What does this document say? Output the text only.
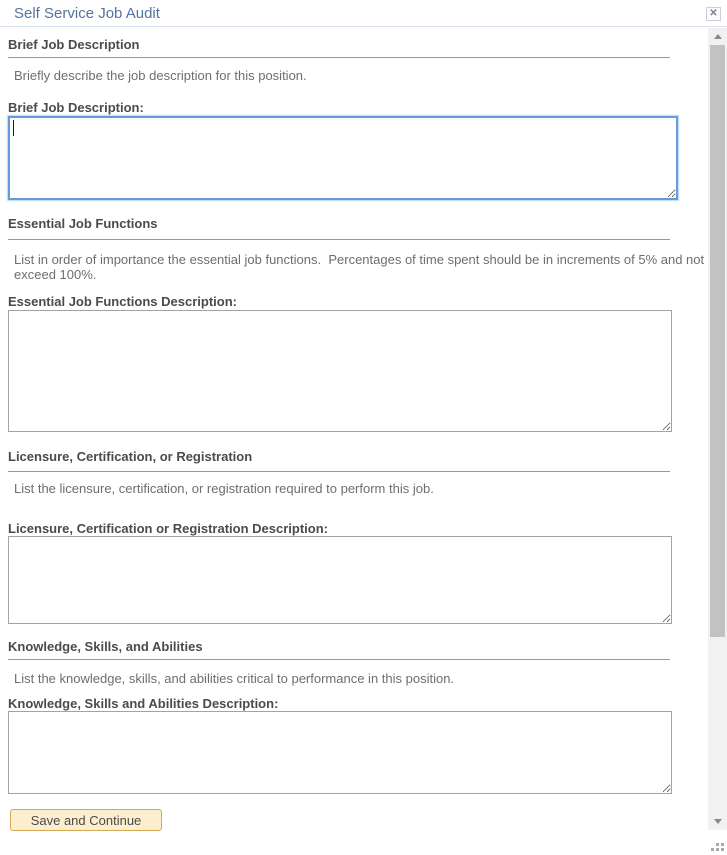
Self Service Job Audit	✕
Brief Job Description
Briefly describe the job description for this position.
Brief Job Description:
Essential Job Functions
List in order of importance the essential job functions.  Percentages of time spent should be in increments of 5% and not exceed 100%.
Essential Job Functions Description:
Licensure, Certification, or Registration
List the licensure, certification, or registration required to perform this job.
Licensure, Certification or Registration Description:
Knowledge, Skills, and Abilities
List the knowledge, skills, and abilities critical to performance in this position.
Knowledge, Skills and Abilities Description:
Save and Continue
